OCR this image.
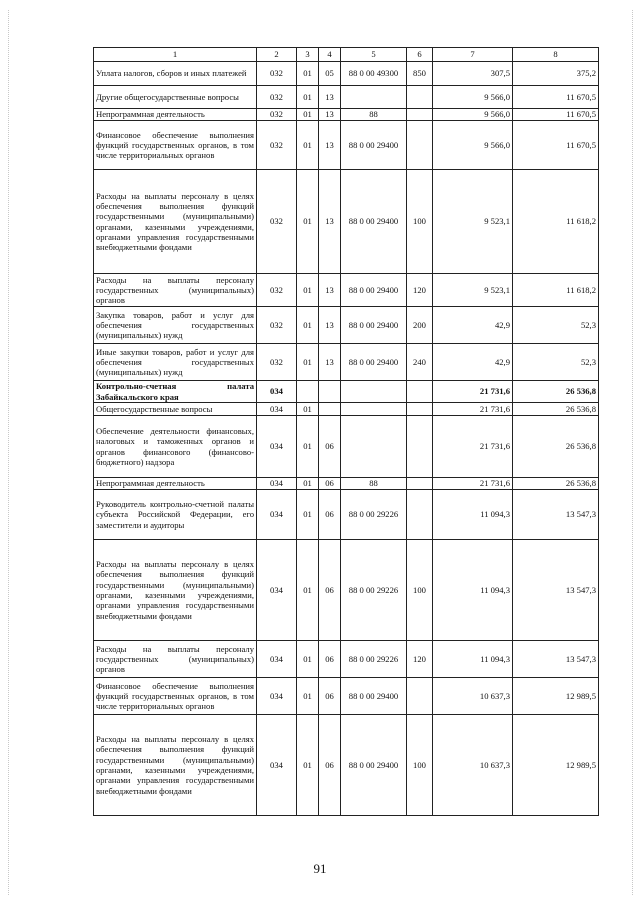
1	2	3	4	5	6	7	8
Уплата налогов, сборов и иных платежей	032	01	05	88 0 00 49300	850	307,5	375,2
Другие общегосударственные вопросы	032	01	13			9 566,0	11 670,5
Непрограммная деятельность	032	01	13	88		9 566,0	11 670,5
Финансовое обеспечение выполнения функций государственных органов, в том числе территориальных органов	032	01	13	88 0 00 29400		9 566,0	11 670,5
Расходы на выплаты персоналу в целях обеспечения выполнения функций государственными (муниципальными) органами, казенными учреждениями, органами управления государственными внебюджетными фондами	032	01	13	88 0 00 29400	100	9 523,1	11 618,2
Расходы на выплаты персоналу государственных (муниципальных) органов	032	01	13	88 0 00 29400	120	9 523,1	11 618,2
Закупка товаров, работ и услуг для обеспечения государственных (муниципальных) нужд	032	01	13	88 0 00 29400	200	42,9	52,3
Иные закупки товаров, работ и услуг для обеспечения государственных (муниципальных) нужд	032	01	13	88 0 00 29400	240	42,9	52,3
Контрольно-счетная палата Забайкальского края	034					21 731,6	26 536,8
Общегосударственные вопросы	034	01				21 731,6	26 536,8
Обеспечение деятельности финансовых, налоговых и таможенных органов и органов финансового (финансово-бюджетного) надзора	034	01	06			21 731,6	26 536,8
Непрограммная деятельность	034	01	06	88		21 731,6	26 536,8
Руководитель контрольно-счетной палаты субъекта Российской Федерации, его заместители и аудиторы	034	01	06	88 0 00 29226		11 094,3	13 547,3
Расходы на выплаты персоналу в целях обеспечения выполнения функций государственными (муниципальными) органами, казенными учреждениями, органами управления государственными внебюджетными фондами	034	01	06	88 0 00 29226	100	11 094,3	13 547,3
Расходы на выплаты персоналу государственных (муниципальных) органов	034	01	06	88 0 00 29226	120	11 094,3	13 547,3
Финансовое обеспечение выполнения функций государственных органов, в том числе территориальных органов	034	01	06	88 0 00 29400		10 637,3	12 989,5
Расходы на выплаты персоналу в целях обеспечения выполнения функций государственными (муниципальными) органами, казенными учреждениями, органами управления государственными внебюджетными фондами	034	01	06	88 0 00 29400	100	10 637,3	12 989,5
91
